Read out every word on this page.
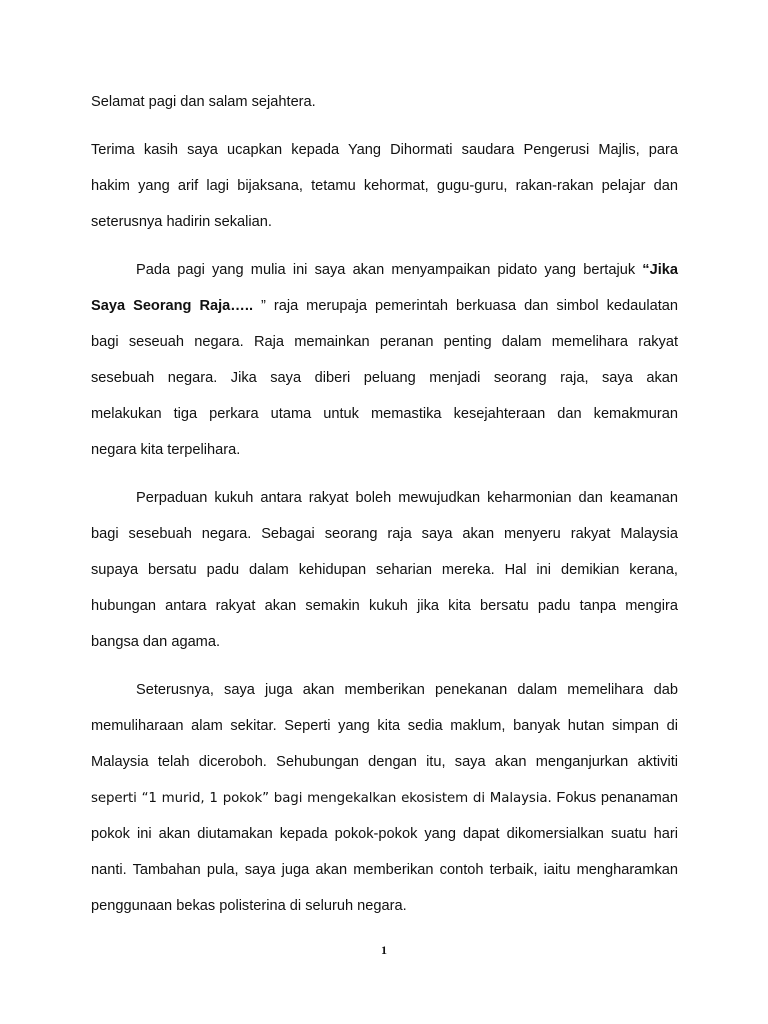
Selamat pagi dan salam sejahtera.
Terima kasih saya ucapkan kepada Yang Dihormati saudara Pengerusi Majlis, para
hakim yang arif lagi bijaksana, tetamu kehormat, gugu-guru, rakan-rakan pelajar dan
seterusnya hadirin sekalian.
Pada pagi yang mulia ini saya akan menyampaikan pidato yang bertajuk “Jika
Saya Seorang Raja….. ” raja merupaja pemerintah berkuasa dan simbol kedaulatan
bagi seseuah negara. Raja memainkan peranan penting dalam memelihara rakyat
sesebuah negara. Jika saya diberi peluang menjadi seorang raja, saya akan
melakukan tiga perkara utama untuk memastika kesejahteraan dan kemakmuran
negara kita terpelihara.
Perpaduan kukuh antara rakyat boleh mewujudkan keharmonian dan keamanan
bagi sesebuah negara. Sebagai seorang raja saya akan menyeru rakyat Malaysia
supaya bersatu padu dalam kehidupan seharian mereka. Hal ini demikian kerana,
hubungan antara rakyat akan semakin kukuh jika kita bersatu padu tanpa mengira
bangsa dan agama.
Seterusnya, saya juga akan memberikan penekanan dalam memelihara dab
memuliharaan alam sekitar. Seperti yang kita sedia maklum, banyak hutan simpan di
Malaysia telah diceroboh. Sehubungan dengan itu, saya akan menganjurkan aktiviti
seperti “1 murid, 1 pokok” bagi mengekalkan ekosistem di Malaysia. Fokus penanaman
pokok ini akan diutamakan kepada pokok-pokok yang dapat dikomersialkan suatu hari
nanti. Tambahan pula, saya juga akan memberikan contoh terbaik, iaitu mengharamkan
penggunaan bekas polisterina di seluruh negara.
1
